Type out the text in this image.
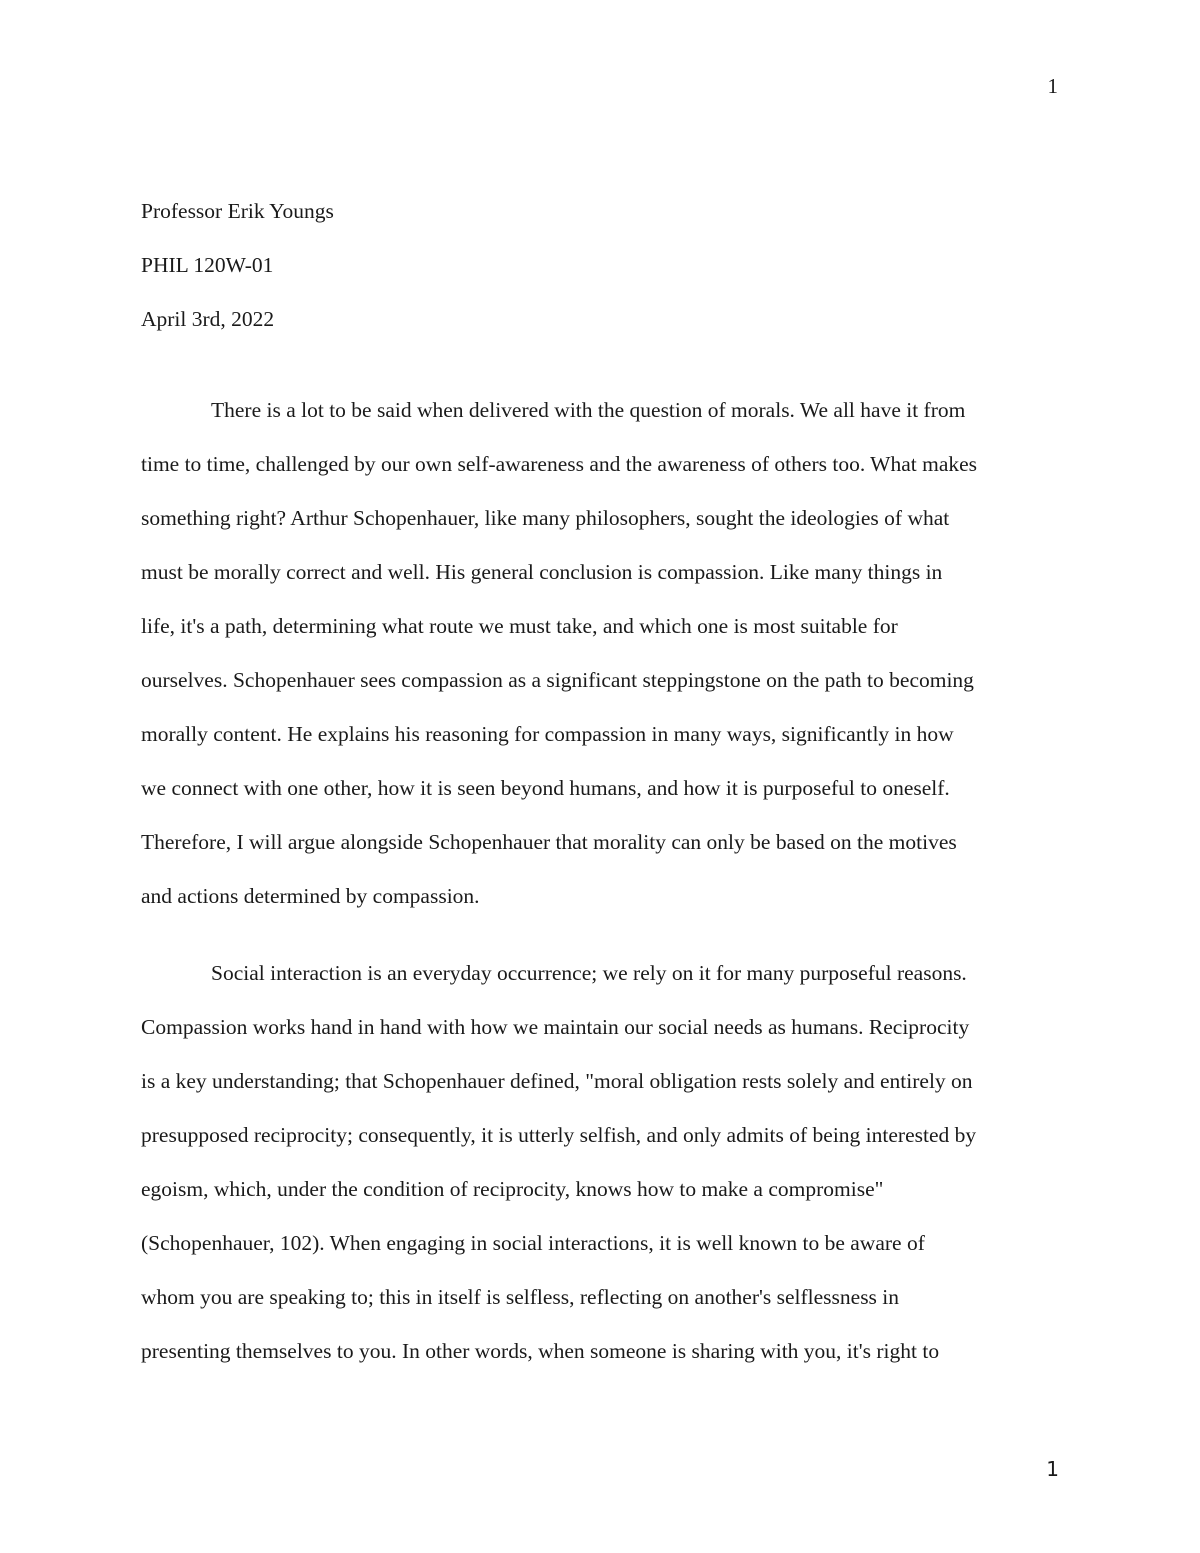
1
Professor Erik Youngs
PHIL 120W-01
April 3rd, 2022
There is a lot to be said when delivered with the question of morals. We all have it from
time to time, challenged by our own self-awareness and the awareness of others too. What makes
something right? Arthur Schopenhauer, like many philosophers, sought the ideologies of what
must be morally correct and well. His general conclusion is compassion. Like many things in
life, it's a path, determining what route we must take, and which one is most suitable for
ourselves. Schopenhauer sees compassion as a significant steppingstone on the path to becoming
morally content. He explains his reasoning for compassion in many ways, significantly in how
we connect with one other, how it is seen beyond humans, and how it is purposeful to oneself.
Therefore, I will argue alongside Schopenhauer that morality can only be based on the motives
and actions determined by compassion.
Social interaction is an everyday occurrence; we rely on it for many purposeful reasons.
Compassion works hand in hand with how we maintain our social needs as humans. Reciprocity
is a key understanding; that Schopenhauer defined, "moral obligation rests solely and entirely on
presupposed reciprocity; consequently, it is utterly selfish, and only admits of being interested by
egoism, which, under the condition of reciprocity, knows how to make a compromise"
(Schopenhauer, 102). When engaging in social interactions, it is well known to be aware of
whom you are speaking to; this in itself is selfless, reflecting on another's selflessness in
presenting themselves to you. In other words, when someone is sharing with you, it's right to
1
